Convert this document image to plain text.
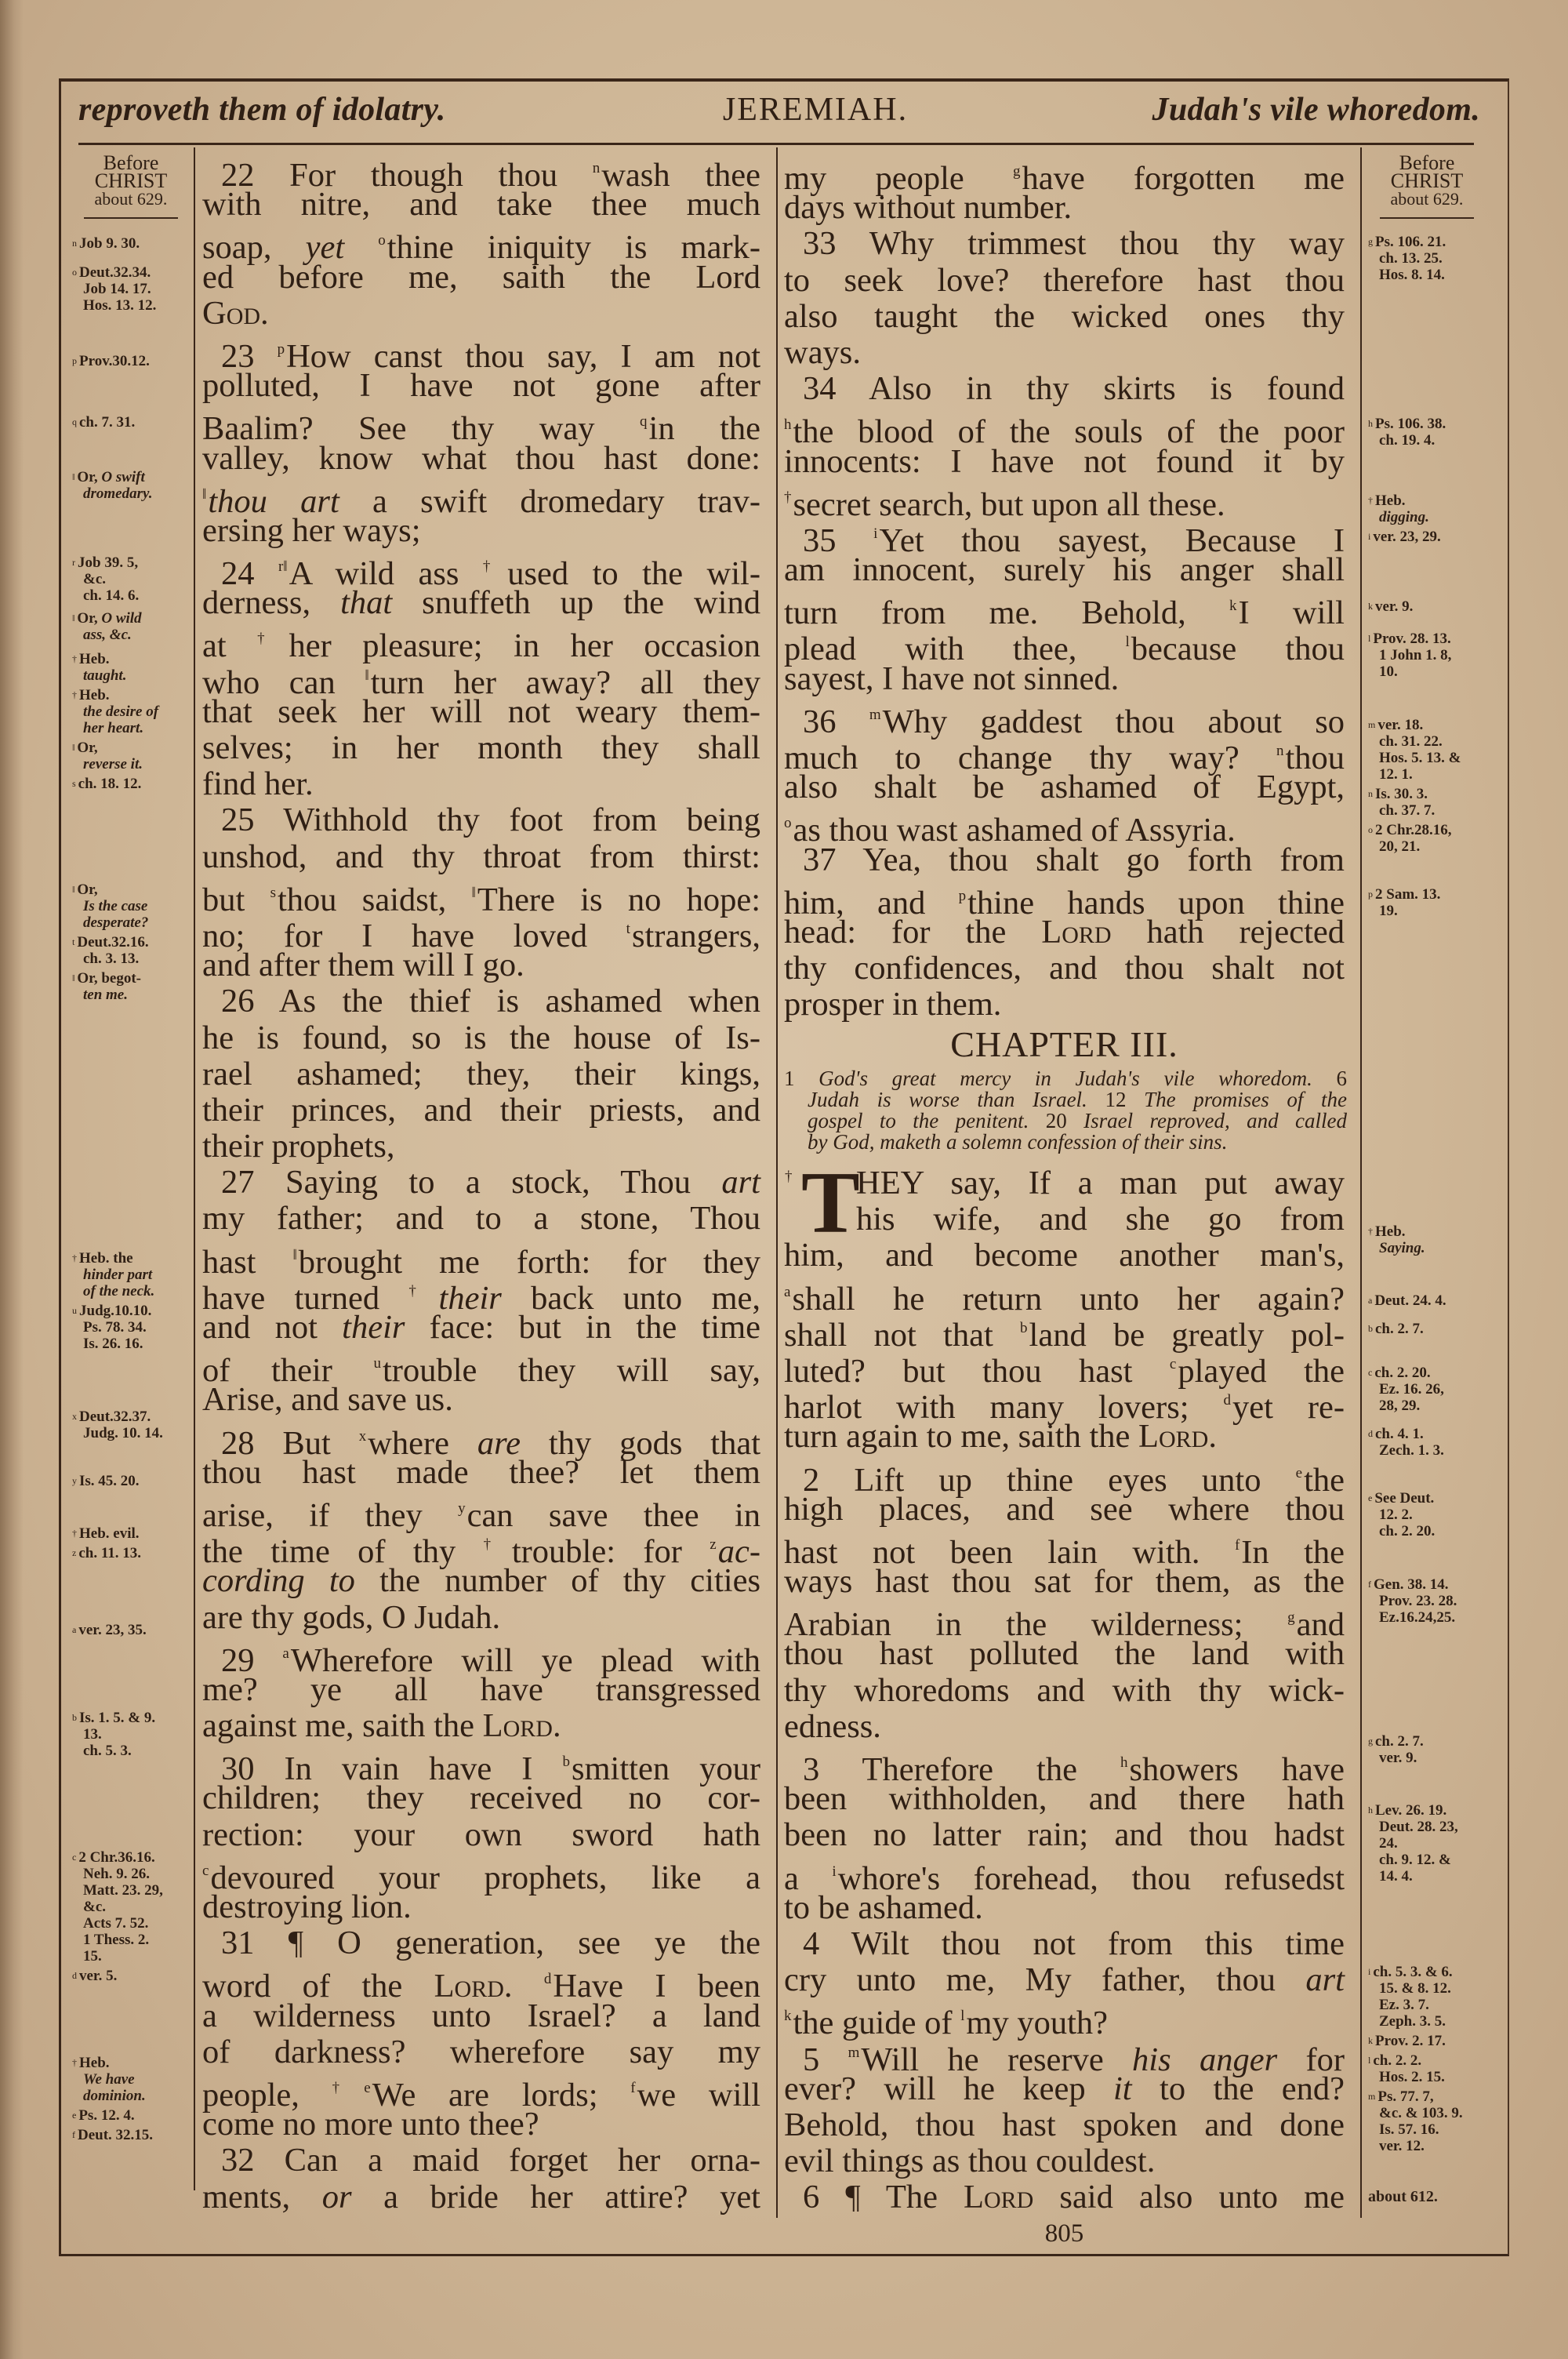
reproveth them of idolatry.	JEREMIAH.	Judah's vile whoredom.
Before
CHRIST
about 629.
$^n$ Job 9. 30.
$^o$ Deut.32.34.
Job 14. 17.
Hos. 13. 12.
$^p$ Prov.30.12.
$^q$ ch. 7. 31.
‖ Or, O swift
dromedary.
$^r$ Job 39. 5,
&c.
ch. 14. 6.
‖ Or, O wild
ass, &c.
† Heb.
taught.
† Heb.
the desire of
her heart.
‖ Or,
reverse it.
$^s$ ch. 18. 12.
‖ Or,
Is the case
desperate?
$^t$ Deut.32.16.
ch. 3. 13.
‖ Or, begot-
ten me.
† Heb. the
hinder part
of the neck.
$^u$ Judg.10.10.
Ps. 78. 34.
Is. 26. 16.
$^x$ Deut.32.37.
Judg. 10. 14.
$^y$ Is. 45. 20.
† Heb. evil.
$^z$ ch. 11. 13.
$^a$ ver. 23, 35.
$^b$ Is. 1. 5. & 9.
13.
ch. 5. 3.
$^c$ 2 Chr.36.16.
Neh. 9. 26.
Matt. 23. 29,
&c.
Acts 7. 52.
1 Thess. 2.
15.
$^d$ ver. 5.
† Heb.
We have
dominion.
$^e$ Ps. 12. 4.
$^f$ Deut. 32.15.
Before
CHRIST
about 629.
$^g$ Ps. 106. 21.
ch. 13. 25.
Hos. 8. 14.
$^h$ Ps. 106. 38.
ch. 19. 4.
† Heb.
digging.
$^i$ ver. 23, 29.
$^k$ ver. 9.
$^l$ Prov. 28. 13.
1 John 1. 8,
10.
$^m$ ver. 18.
ch. 31. 22.
Hos. 5. 13. &
12. 1.
$^n$ Is. 30. 3.
ch. 37. 7.
$^o$ 2 Chr.28.16,
20, 21.
$^p$ 2 Sam. 13.
19.
† Heb.
Saying.
$^a$ Deut. 24. 4.
$^b$ ch. 2. 7.
$^c$ ch. 2. 20.
Ez. 16. 26,
28, 29.
$^d$ ch. 4. 1.
Zech. 1. 3.
$^e$ See Deut.
12. 2.
ch. 2. 20.
$^f$ Gen. 38. 14.
Prov. 23. 28.
Ez.16.24,25.
$^g$ ch. 2. 7.
ver. 9.
$^h$ Lev. 26. 19.
Deut. 28. 23,
24.
ch. 9. 12. &
14. 4.
$^i$ ch. 5. 3. & 6.
15. & 8. 12.
Ez. 3. 7.
Zeph. 3. 5.
$^k$ Prov. 2. 17.
$^l$ ch. 2. 2.
Hos. 2. 15.
$^m$ Ps. 77. 7,
&c. & 103. 9.
Is. 57. 16.
ver. 12.
about 612.
22 For though thou $^n$wash thee
with nitre, and take thee much
soap, yet $^o$thine iniquity is mark-
ed before me, saith the Lord
God.
23 $^p$How canst thou say, I am not
polluted, I have not gone after
Baalim? See thy way $^q$in the
valley, know what thou hast done:
‖thou art a swift dromedary trav-
ersing her ways;
24 $^{r‖}$A wild ass †used to the wil-
derness, that snuffeth up the wind
at †her pleasure; in her occasion
who can ‖turn her away? all they
that seek her will not weary them-
selves; in her month they shall
find her.
25 Withhold thy foot from being
unshod, and thy throat from thirst:
but $^s$thou saidst, ‖There is no hope:
no; for I have loved $^t$strangers,
and after them will I go.
26 As the thief is ashamed when
he is found, so is the house of Is-
rael ashamed; they, their kings,
their princes, and their priests, and
their prophets,
27 Saying to a stock, Thou art
my father; and to a stone, Thou
hast ‖brought me forth: for they
have turned †their back unto me,
and not their face: but in the time
of their $^u$trouble they will say,
Arise, and save us.
28 But $^x$where are thy gods that
thou hast made thee? let them
arise, if they $^y$can save thee in
the time of thy †trouble: for $^z$ac-
cording to the number of thy cities
are thy gods, O Judah.
29 $^a$Wherefore will ye plead with
me? ye all have transgressed
against me, saith the Lord.
30 In vain have I $^b$smitten your
children; they received no cor-
rection: your own sword hath
$^c$devoured your prophets, like a
destroying lion.
31 ¶ O generation, see ye the
word of the Lord. $^d$Have I been
a wilderness unto Israel? a land
of darkness? wherefore say my
people, $^{\dagger e}$We are lords; $^f$we will
come no more unto thee?
32 Can a maid forget her orna-
ments, or a bride her attire? yet
my people $^g$have forgotten me
days without number.
33 Why trimmest thou thy way
to seek love? therefore hast thou
also taught the wicked ones thy
ways.
34 Also in thy skirts is found
$^h$the blood of the souls of the poor
innocents: I have not found it by
†secret search, but upon all these.
35 $^i$Yet thou sayest, Because I
am innocent, surely his anger shall
turn from me. Behold, $^k$I will
plead with thee, $^l$because thou
sayest, I have not sinned.
36 $^m$Why gaddest thou about so
much to change thy way? $^n$thou
also shalt be ashamed of Egypt,
$^o$as thou wast ashamed of Assyria.
37 Yea, thou shalt go forth from
him, and $^p$thine hands upon thine
head: for the Lord hath rejected
thy confidences, and thou shalt not
prosper in them.
CHAPTER III.
1 God's great mercy in Judah's vile whoredom. 6
Judah is worse than Israel. 12 The promises of the
gospel to the penitent. 20 Israel reproved, and called
by God, maketh a solemn confession of their sins.
† T
HEY say, If a man put away
his wife, and she go from
him, and become another man's,
$^a$shall he return unto her again?
shall not that $^b$land be greatly pol-
luted? but thou hast $^c$played the
harlot with many lovers; $^d$yet re-
turn again to me, saith the Lord.
2 Lift up thine eyes unto $^e$the
high places, and see where thou
hast not been lain with. $^f$In the
ways hast thou sat for them, as the
Arabian in the wilderness; $^g$and
thou hast polluted the land with
thy whoredoms and with thy wick-
edness.
3 Therefore the $^h$showers have
been withholden, and there hath
been no latter rain; and thou hadst
a $^i$whore's forehead, thou refusedst
to be ashamed.
4 Wilt thou not from this time
cry unto me, My father, thou art
$^k$the guide of $^l$my youth?
5 $^m$Will he reserve his anger for
ever? will he keep it to the end?
Behold, thou hast spoken and done
evil things as thou couldest.
6 ¶ The Lord said also unto me
805
